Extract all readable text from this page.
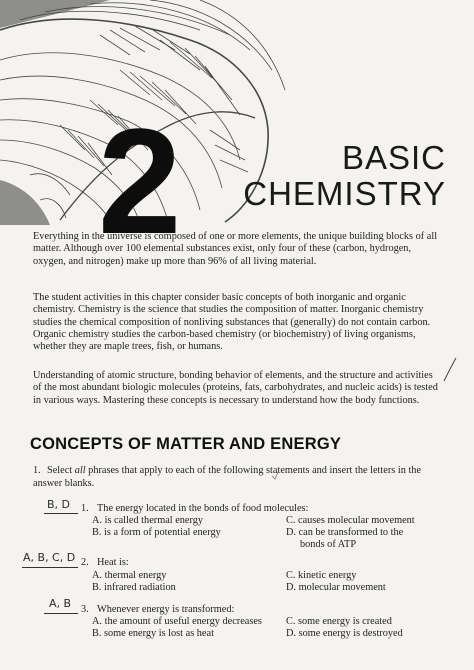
2	BASIC
CHEMISTRY

Everything in the universe is composed of one or more elements, the unique building blocks of all matter. Although over 100 elemental substances exist, only four of these (carbon, hydrogen, oxygen, and nitrogen) make up more than 96% of all living material.

The student activities in this chapter consider basic concepts of both inorganic and organic chemistry. Chemistry is the science that studies the composition of matter. Inorganic chemistry studies the chemical composition of nonliving substances that (generally) do not contain carbon. Organic chemistry studies the carbon-based chemistry (or biochemistry) of living organisms, whether they are maple trees, fish, or humans.

Understanding of atomic structure, bonding behavior of elements, and the structure and activities of the most abundant biologic molecules (proteins, fats, carbohydrates, and nucleic acids) is tested in various ways. Mastering these concepts is necessary to understand how the body functions.

CONCEPTS OF MATTER AND ENERGY
1. Select all phrases that apply to each of the following statements and insert the letters in the answer blanks.
B, D 1. The energy located in the bonds of food molecules:
A. is called thermal energy
B. is a form of potential energy
C. causes molecular movement
D. can be transformed to the
bonds of ATP
A, B, C, D 2. Heat is:
A. thermal energy
B. infrared radiation
C. kinetic energy
D. molecular movement
A, B 3. Whenever energy is transformed:
A. the amount of useful energy decreases
B. some energy is lost as heat
C. some energy is created
D. some energy is destroyed
